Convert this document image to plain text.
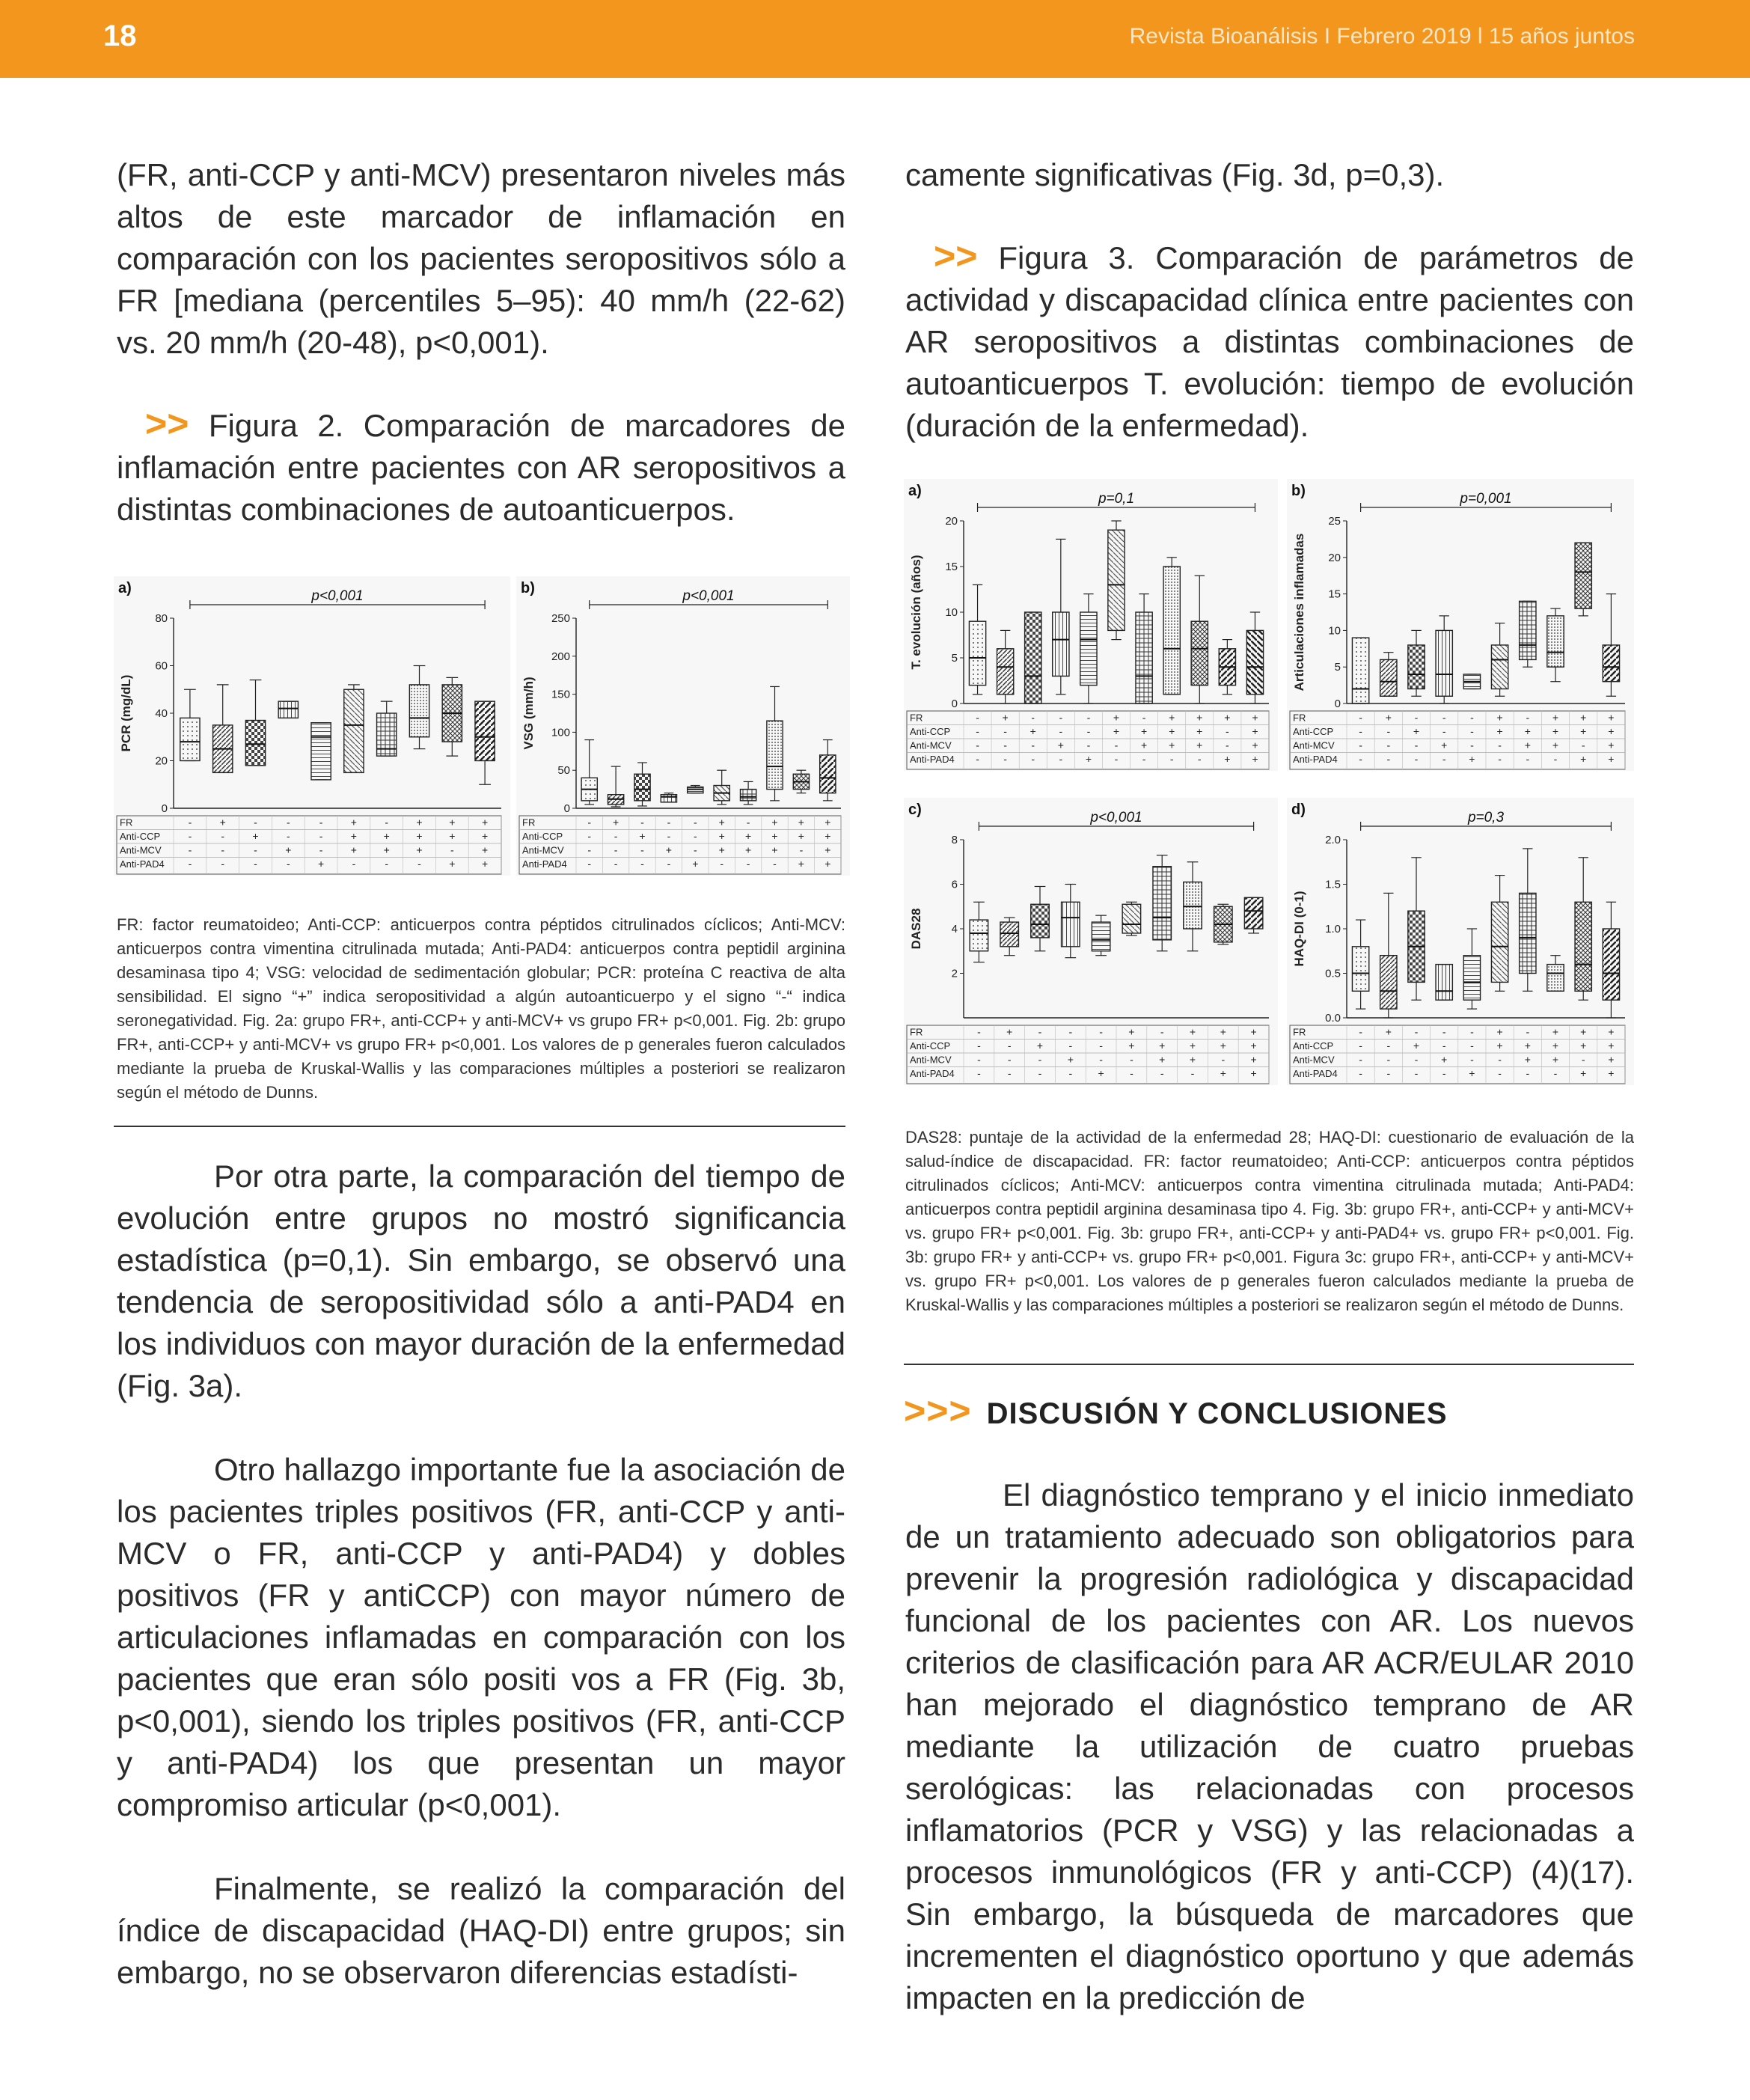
18	Revista Bioanálisis I Febrero 2019 l 15 años juntos

(FR, anti-CCP y anti-MCV) presentaron niveles más altos de este marcador de inflamación en comparación con los pacientes seropositivos sólo a FR [mediana (percentiles 5–95): 40 mm/h (22-62) vs. 20 mm/h (20-48), p<0,001).

>> Figura 2. Comparación de marcadores de inflamación entre pacientes con AR seropositivos a distintas combinaciones de autoanticuerpos.

a)	p<0,001
0
20
40
60
80
PCR (mg/dL)
FR	-	+	-	-	-	+	-	+	+	+
Anti-CCP	-	-	+	-	-	+	+	+	+	+
Anti-MCV	-	-	-	+	-	+	+	+	-	+
Anti-PAD4 -	-	-	-	+	-	-	-	+	+
b)	p<0,001
0
50
100
150
200
250
VSG (mm/h)
FR	- + - - - + - + + +
Anti-CCP - - + - - + + + + +
Anti-MCV - - - + - + + + - +
Anti-PAD4 - - - - + - - - + +

FR: factor reumatoideo; Anti-CCP: anticuerpos contra péptidos citrulinados cíclicos; Anti-MCV: anticuerpos contra vimentina citrulinada mutada; Anti-PAD4: anticuerpos contra peptidil arginina desaminasa tipo 4; VSG: velocidad de sedimentación globular; PCR: proteína C reactiva de alta sensibilidad. El signo “+” indica seropositividad a algún autoanticuerpo y el signo “-“ indica seronegatividad. Fig. 2a: grupo FR+, anti-CCP+ y anti-MCV+ vs grupo FR+ p<0,001. Fig. 2b: grupo FR+, anti-CCP+ y anti-MCV+ vs grupo FR+ p<0,001. Los valores de p generales fueron calculados mediante la prueba de Kruskal-Wallis y las comparaciones múltiples a posteriori se realizaron según el método de Dunns.

Por otra parte, la comparación del tiempo de evolución entre grupos no mostró significancia estadística (p=0,1). Sin embargo, se observó una tendencia de seropositividad sólo a anti-PAD4 en los individuos con mayor duración de la enfermedad (Fig. 3a).

Otro hallazgo importante fue la asociación de los pacientes triples positivos (FR, anti-CCP y anti-MCV o FR, anti-CCP y anti-PAD4) y dobles positivos (FR y antiCCP) con mayor número de articulaciones inflamadas en comparación con los pacientes que eran sólo positi vos a FR (Fig. 3b, p<0,001), siendo los triples positivos (FR, anti-CCP y anti-PAD4) los que presentan un mayor compromiso articular (p<0,001).

Finalmente, se realizó la comparación del índice de discapacidad (HAQ-DI) entre grupos; sin embargo, no se observaron diferencias estadísti-

camente significativas (Fig. 3d, p=0,3).

>> Figura 3. Comparación de parámetros de actividad y discapacidad clínica entre pacientes con AR seropositivos a distintas combinaciones de autoanticuerpos T. evolución: tiempo de evolución (duración de la enfermedad).

a)	p=0,1
0
5
10
15
20
T. evolución (años)
FR	- + - - - + - + + + +
Anti-CCP - - + - - + + + + - +
Anti-MCV - - - + - - + + + - +
Anti-PAD4 - - - - + - - - - + +
b)	p=0,001
0
5
10
15
20
25
Articulaciones inflamadas
FR	- + - - - + - + + +
Anti-CCP - - + - - + + + + +
Anti-MCV - - - + - - + + - +
Anti-PAD4 - - - - + - - - + +
c)	p<0,001
2
4
6
8
DAS28
FR	- + -	-	- + - + + +
Anti-CCP	-	- + -	- + + + + +
Anti-MCV -	-	- + -	- + + - +
Anti-PAD4 -	-	-	- + -	-	- + +
d)	p=0,3
0.0
0.5
1.0
1.5
2.0
HAQ-DI (0-1)
FR	- + - - - + - + + +
Anti-CCP - - + - - + + + + +
Anti-MCV - - - + - - + + - +
Anti-PAD4 - - - - + - - - + +

DAS28: puntaje de la actividad de la enfermedad 28; HAQ-DI: cuestionario de evaluación de la salud-índice de discapacidad. FR: factor reumatoideo; Anti-CCP: anticuerpos contra péptidos citrulinados cíclicos; Anti-MCV: anticuerpos contra vimentina citrulinada mutada; Anti-PAD4: anticuerpos contra peptidil arginina desaminasa tipo 4. Fig. 3b: grupo FR+, anti-CCP+ y anti-MCV+ vs. grupo FR+ p<0,001. Fig. 3b: grupo FR+, anti-CCP+ y anti-PAD4+ vs. grupo FR+ p<0,001. Fig. 3b: grupo FR+ y anti-CCP+ vs. grupo FR+ p<0,001. Figura 3c: grupo FR+, anti-CCP+ y anti-MCV+ vs. grupo FR+ p<0,001. Los valores de p generales fueron calculados mediante la prueba de Kruskal-Wallis y las comparaciones múltiples a posteriori se realizaron según el método de Dunns.

>>> DISCUSIÓN Y CONCLUSIONES

El diagnóstico temprano y el inicio inmediato de un tratamiento adecuado son obligatorios para prevenir la progresión radiológica y discapacidad funcional de los pacientes con AR. Los nuevos criterios de clasificación para AR ACR/EULAR 2010 han mejorado el diagnóstico temprano de AR mediante la utilización de cuatro pruebas serológicas: las relacionadas con procesos inflamatorios (PCR y VSG) y las relacionadas a procesos inmunológicos (FR y anti-CCP) (4)(17). Sin embargo, la búsqueda de marcadores que incrementen el diagnóstico oportuno y que además impacten en la predicción de
